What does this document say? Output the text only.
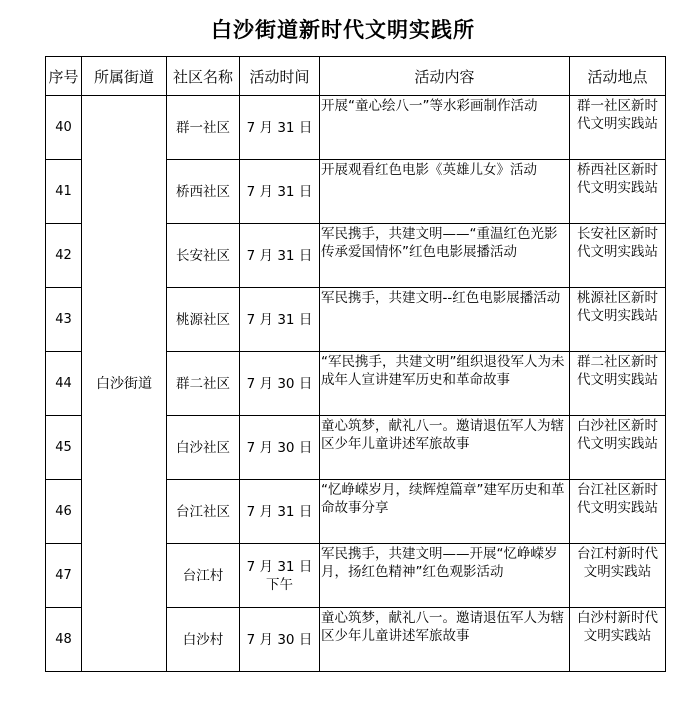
白沙街道新时代文明实践所
序号	所属街道	社区名称	活动时间	活动内容	活动地点
40	白沙街道	群一社区	7 月 31 日	开展“童心绘八一”等水彩画制作活动	群一社区新时代文明实践站
41		桥西社区	7 月 31 日	开展观看红色电影《英雄儿女》活动	桥西社区新时代文明实践站
42		长安社区	7 月 31 日	军民携手，共建文明——“重温红色光影 传承爱国情怀”红色电影展播活动	长安社区新时代文明实践站
43		桃源社区	7 月 31 日	军民携手，共建文明--红色电影展播活动	桃源社区新时代文明实践站
44		群二社区	7 月 30 日	“军民携手，共建文明”组织退役军人为未成年人宣讲建军历史和革命故事	群二社区新时代文明实践站
45		白沙社区	7 月 30 日	童心筑梦，献礼八一。邀请退伍军人为辖区少年儿童讲述军旅故事	白沙社区新时代文明实践站
46		台江社区	7 月 31 日	“忆峥嵘岁月，续辉煌篇章”建军历史和革命故事分享	台江社区新时代文明实践站
47		台江村	7 月 31 日下午	军民携手，共建文明——开展“忆峥嵘岁月，扬红色精神”红色观影活动	台江村新时代文明实践站
48		白沙村	7 月 30 日	童心筑梦，献礼八一。邀请退伍军人为辖区少年儿童讲述军旅故事	白沙村新时代文明实践站
